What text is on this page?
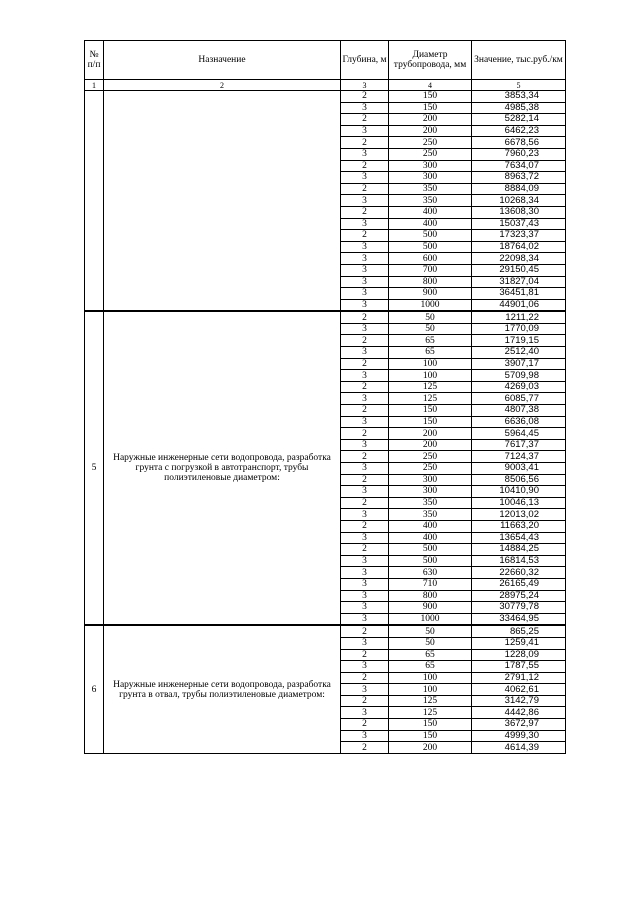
№ п/п	Назначение	Глубина, м	Диаметр трубопровода, мм	Значение, тыс.руб./км
1	2	3	4	5
		2	150	3853,34
		3	150	4985,38
		2	200	5282,14
		3	200	6462,23
		2	250	6678,56
		3	250	7960,23
		2	300	7634,07
		3	300	8963,72
		2	350	8884,09
		3	350	10268,34
		2	400	13608,30
		3	400	15037,43
		2	500	17323,37
		3	500	18764,02
		3	600	22098,34
		3	700	29150,45
		3	800	31827,04
		3	900	36451,81
		3	1000	44901,06
5	Наружные инженерные сети водопровода, разработка грунта с погрузкой в автотранспорт, трубы полиэтиленовые диаметром:	2	50	1211,22
		3	50	1770,09
		2	65	1719,15
		3	65	2512,40
		2	100	3907,17
		3	100	5709,98
		2	125	4269,03
		3	125	6085,77
		2	150	4807,38
		3	150	6636,08
		2	200	5964,45
		3	200	7617,37
		2	250	7124,37
		3	250	9003,41
		2	300	8506,56
		3	300	10410,90
		2	350	10046,13
		3	350	12013,02
		2	400	11663,20
		3	400	13654,43
		2	500	14884,25
		3	500	16814,53
		3	630	22660,32
		3	710	26165,49
		3	800	28975,24
		3	900	30779,78
		3	1000	33464,95
6	Наружные инженерные сети водопровода, разработка грунта в отвал, трубы полиэтиленовые диаметром:	2	50	865,25
		3	50	1259,41
		2	65	1228,09
		3	65	1787,55
		2	100	2791,12
		3	100	4062,61
		2	125	3142,79
		3	125	4442,86
		2	150	3672,97
		3	150	4999,30
		2	200	4614,39
